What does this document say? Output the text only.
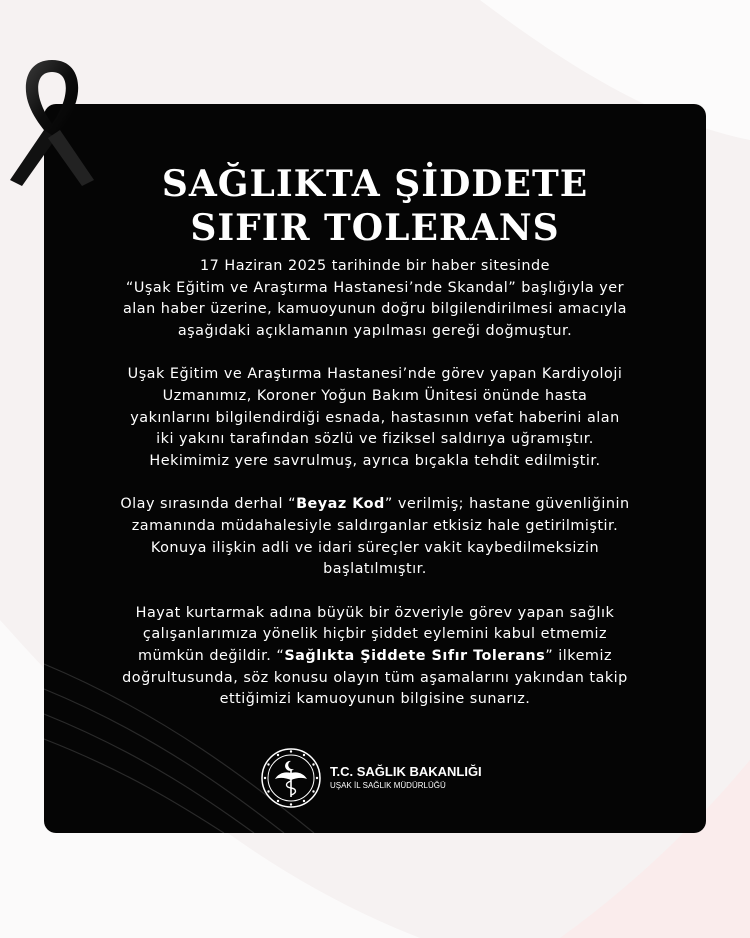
SAĞLIKTA ŞİDDETE
SIFIR TOLERANS

17 Haziran 2025 tarihinde bir haber sitesinde
“Uşak Eğitim ve Araştırma Hastanesi’nde Skandal” başlığıyla yer
alan haber üzerine, kamuoyunun doğru bilgilendirilmesi amacıyla
aşağıdaki açıklamanın yapılması gereği doğmuştur.

Uşak Eğitim ve Araştırma Hastanesi’nde görev yapan Kardiyoloji
Uzmanımız, Koroner Yoğun Bakım Ünitesi önünde hasta
yakınlarını bilgilendirdiği esnada, hastasının vefat haberini alan
iki yakını tarafından sözlü ve fiziksel saldırıya uğramıştır.
Hekimimiz yere savrulmuş, ayrıca bıçakla tehdit edilmiştir.

Olay sırasında derhal “Beyaz Kod” verilmiş; hastane güvenliğinin
zamanında müdahalesiyle saldırganlar etkisiz hale getirilmiştir.
Konuya ilişkin adli ve idari süreçler vakit kaybedilmeksizin
başlatılmıştır.

Hayat kurtarmak adına büyük bir özveriyle görev yapan sağlık
çalışanlarımıza yönelik hiçbir şiddet eylemini kabul etmemiz
mümkün değildir. “Sağlıkta Şiddete Sıfır Tolerans” ilkemiz
doğrultusunda, söz konusu olayın tüm aşamalarını yakından takip
ettiğimizi kamuoyunun bilgisine sunarız.

T.C. SAĞLIK BAKANLIĞI
UŞAK İL SAĞLIK MÜDÜRLÜĞÜ
